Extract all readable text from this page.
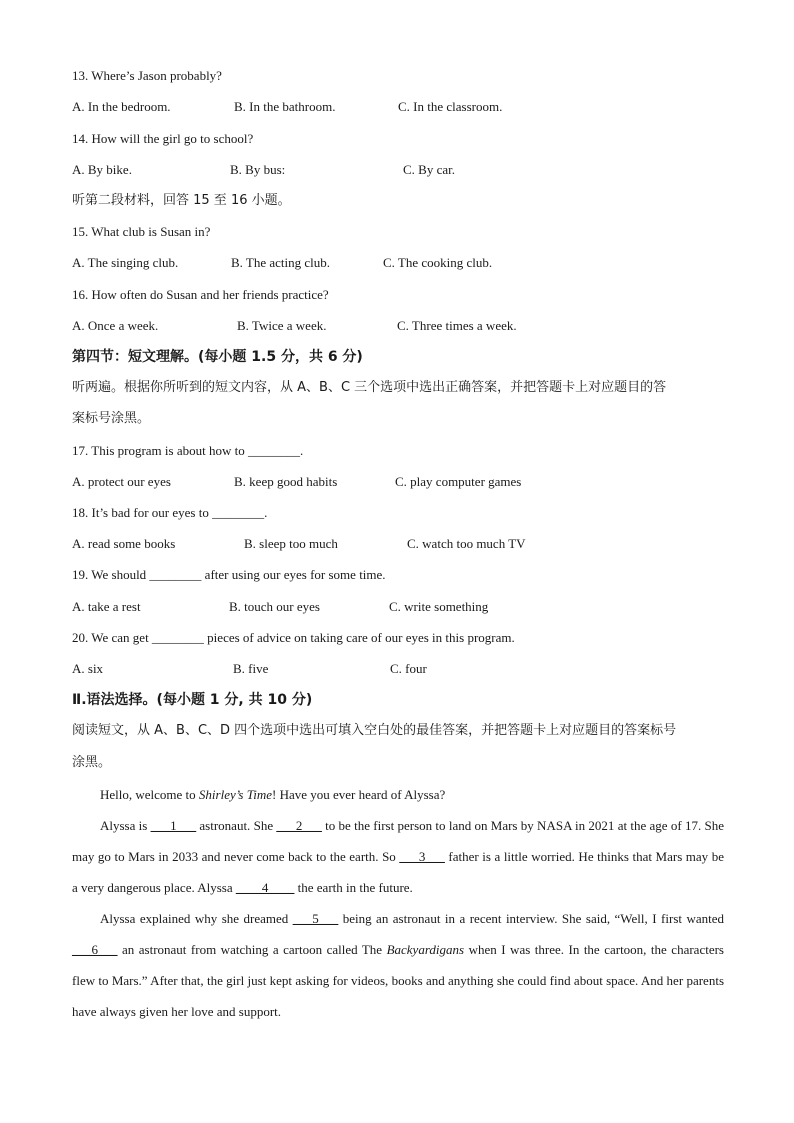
13. Where’s Jason probably?
A. In the bedroom.	B. In the bathroom.	C. In the classroom.
14. How will the girl go to school?
A. By bike.	B. By bus:	C. By car.
听第二段材料，回答 15 至 16 小题。
15. What club is Susan in?
A. The singing club.	B. The acting club.	C. The cooking club.
16. How often do Susan and her friends practice?
A. Once a week.	B. Twice a week.	C. Three times a week.
第四节：短文理解。(每小题 1.5 分，共 6 分)
听两遍。根据你所听到的短文内容，从 A、B、C 三个选项中选出正确答案，并把答题卡上对应题目的答
案标号涂黑。
17. This program is about how to ________.
A. protect our eyes	B. keep good habits	C. play computer games
18. It’s bad for our eyes to ________.
A. read some books	B. sleep too much	C. watch too much TV
19. We should ________ after using our eyes for some time.
A. take a rest	B. touch our eyes	C. write something
20. We can get ________ pieces of advice on taking care of our eyes in this program.
A. six	B. five	C. four
Ⅱ.语法选择。(每小题 1 分, 共 10 分)
阅读短文，从 A、B、C、D 四个选项中选出可填入空白处的最佳答案，并把答题卡上对应题目的答案标号
涂黑。
Hello, welcome to Shirley’s Time! Have you ever heard of Alyssa?
Alyssa is ___1___ astronaut. She ___2___ to be the first person to land on Mars by NASA in 2021 at the age of 17. She may go to Mars in 2033 and never come back to the earth. So ___3___ father is a little worried. He thinks that Mars may be a very dangerous place. Alyssa ____4____ the earth in the future.
Alyssa explained why she dreamed ___5___ being an astronaut in a recent interview. She said, “Well, I first wanted ___6___ an astronaut from watching a cartoon called The Backyardigans when I was three. In the cartoon, the characters flew to Mars.” After that, the girl just kept asking for videos, books and anything she could find about space. And her parents have always given her love and support.
